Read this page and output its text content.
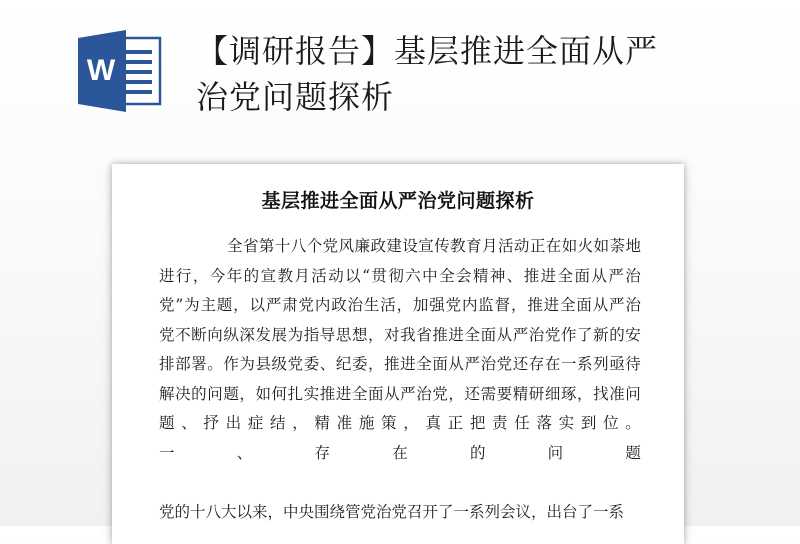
W
【调研报告】基层推进全面从严
治党问题探析
基层推进全面从严治党问题探析
全 省 第 十 八 个 党 风 廉 政 建 设 宣 传 教 育 月 活 动 正 在 如 火 如 荼 地
进 行 ， 今 年 的 宣 教 月 活 动 以 “ 贯 彻 六 中 全 会 精 神 、 推 进 全 面 从 严 治
党 ” 为 主 题 ， 以 严 肃 党 内 政 治 生 活 ， 加 强 党 内 监 督 ， 推 进 全 面 从 严 治
党 不 断 向 纵 深 发 展 为 指 导 思 想 ， 对 我 省 推 进 全 面 从 严 治 党 作 了 新 的 安
排 部 署 。 作 为 县 级 党 委 、 纪 委 ， 推 进 全 面 从 严 治 党 还 存 在 一 系 列 亟 待
解 决 的 问 题 ， 如 何 扎 实 推 进 全 面 从 严 治 党 ， 还 需 要 精 研 细 琢 ， 找 准 问
题 、 抒 出 症 结 ， 精 准 施 策 ， 真 正 把 责 任 落 实 到 位 。
一	、	存	在	的	问	题
党的十八大以来，中央围绕管党治党召开了一系列会议，出台了一系
